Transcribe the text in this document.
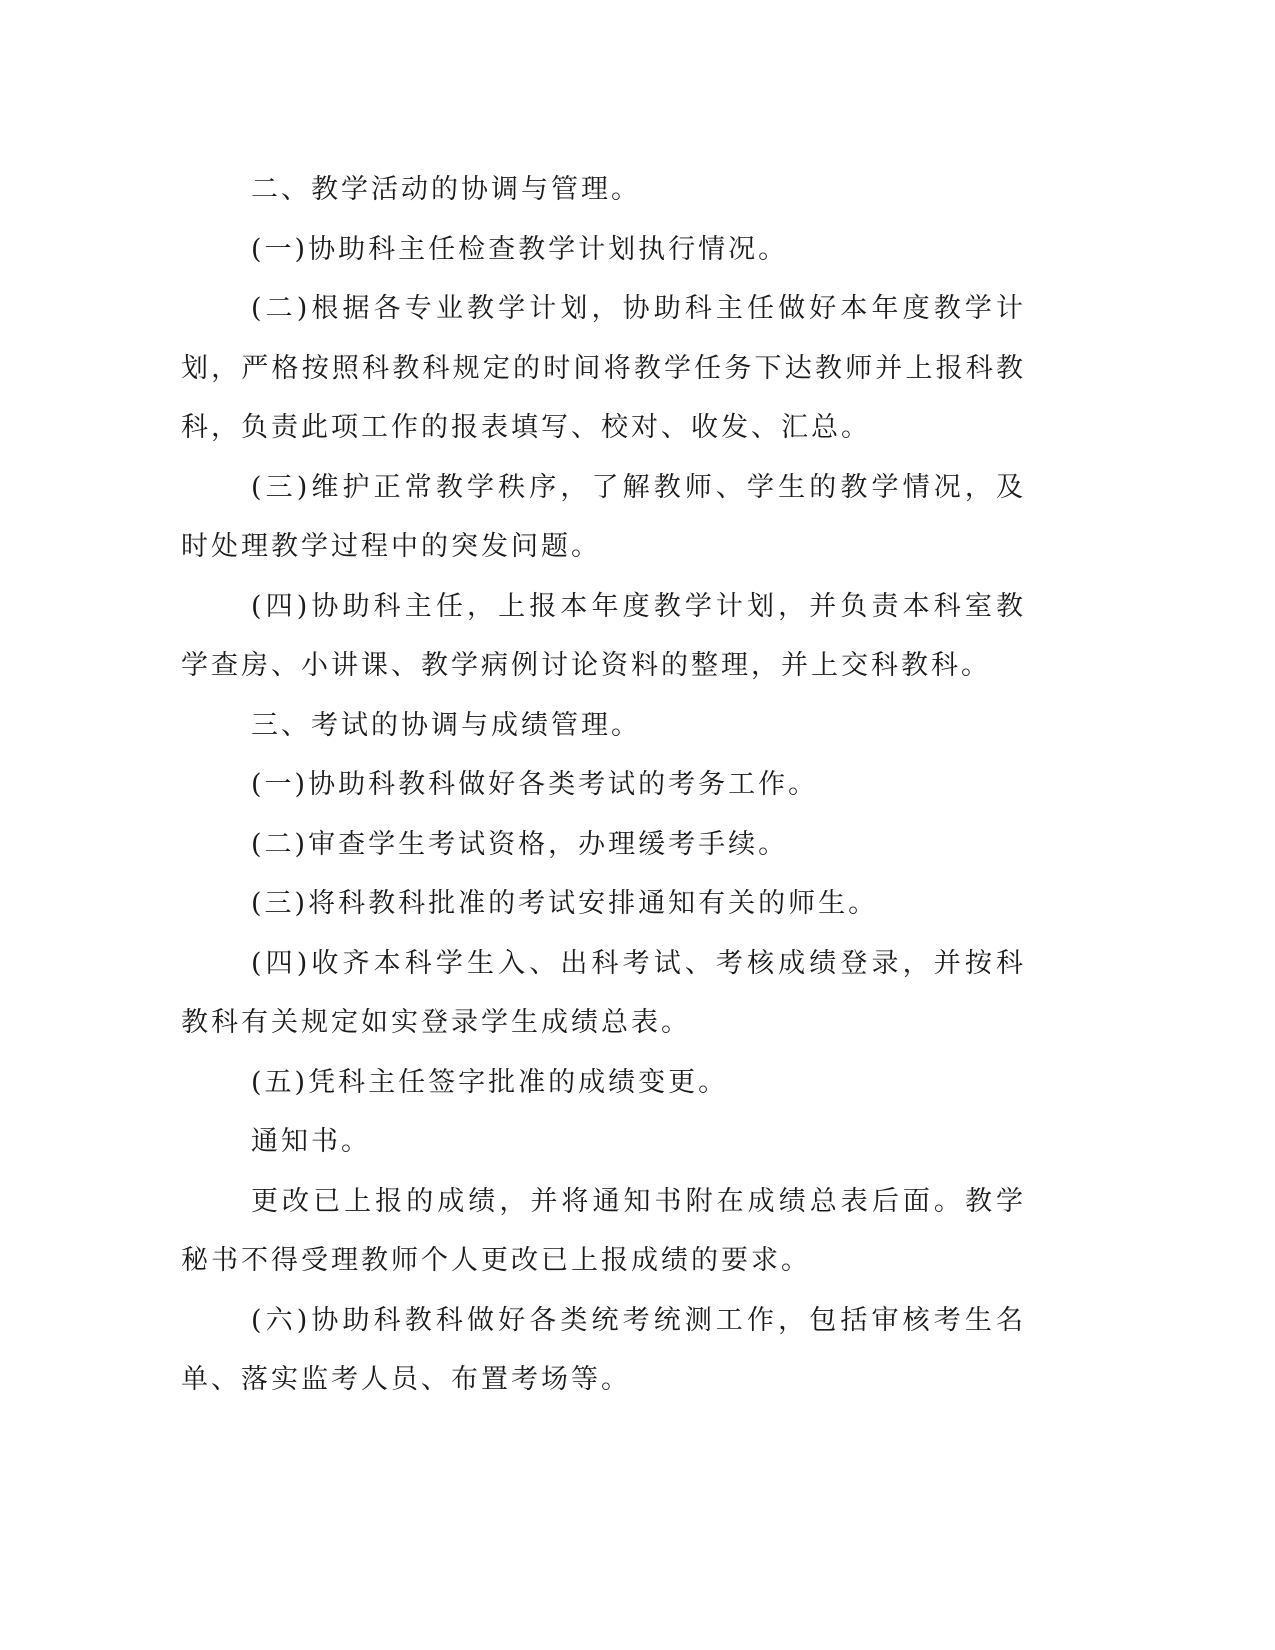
二、教学活动的协调与管理。

(一)协助科主任检查教学计划执行情况。

(二)根据各专业教学计划，协助科主任做好本年度教学计划，严格按照科教科规定的时间将教学任务下达教师并上报科教科，负责此项工作的报表填写、校对、收发、汇总。

(三)维护正常教学秩序，了解教师、学生的教学情况，及时处理教学过程中的突发问题。

(四)协助科主任，上报本年度教学计划，并负责本科室教学查房、小讲课、教学病例讨论资料的整理，并上交科教科。

三、考试的协调与成绩管理。

(一)协助科教科做好各类考试的考务工作。

(二)审查学生考试资格，办理缓考手续。

(三)将科教科批准的考试安排通知有关的师生。

(四)收齐本科学生入、出科考试、考核成绩登录，并按科教科有关规定如实登录学生成绩总表。

(五)凭科主任签字批准的成绩变更。

通知书。

更改已上报的成绩，并将通知书附在成绩总表后面。教学秘书不得受理教师个人更改已上报成绩的要求。

(六)协助科教科做好各类统考统测工作，包括审核考生名单、落实监考人员、布置考场等。
